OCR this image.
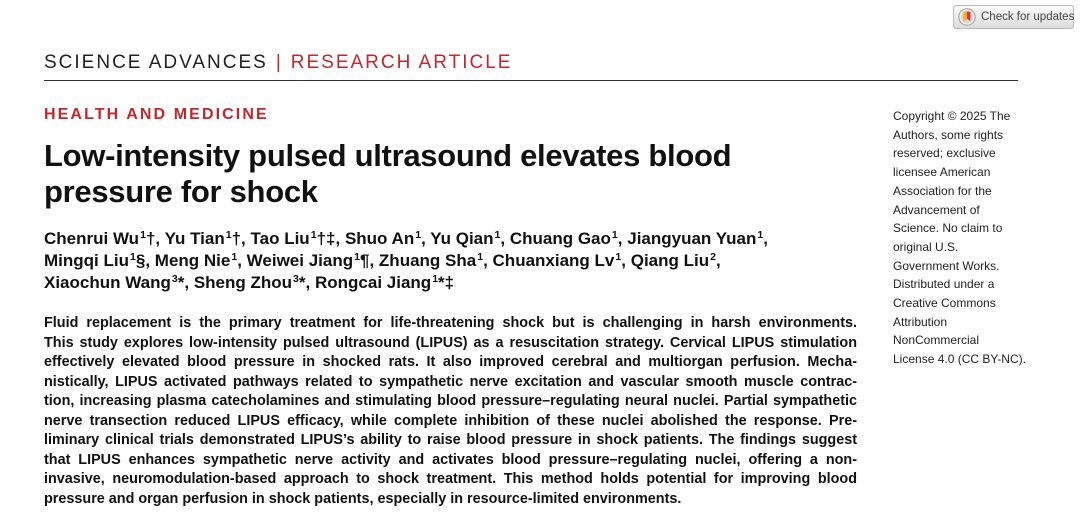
Check for updates
SCIENCE ADVANCES | RESEARCH ARTICLE
HEALTH AND MEDICINE
Low-intensity pulsed ultrasound elevates blood
pressure for shock
Chenrui Wu$^1$†, Yu Tian$^1$†, Tao Liu$^1$†‡, Shuo An$^1$, Yu Qian$^1$, Chuang Gao$^1$, Jiangyuan Yuan$^1$,
Mingqi Liu$^1$§, Meng Nie$^1$, Weiwei Jiang$^1$¶, Zhuang Sha$^1$, Chuanxiang Lv$^1$, Qiang Liu$^2$,
Xiaochun Wang$^3$*, Sheng Zhou$^3$*, Rongcai Jiang$^1$*‡
Fluid replacement is the primary treatment for life-threatening shock but is challenging in harsh environments.
This study explores low-intensity pulsed ultrasound (LIPUS) as a resuscitation strategy. Cervical LIPUS stimulation
effectively elevated blood pressure in shocked rats. It also improved cerebral and multiorgan perfusion. Mecha-
nistically, LIPUS activated pathways related to sympathetic nerve excitation and vascular smooth muscle contrac-
tion, increasing plasma catecholamines and stimulating blood pressure–regulating neural nuclei. Partial sympathetic
nerve transection reduced LIPUS efficacy, while complete inhibition of these nuclei abolished the response. Pre-
liminary clinical trials demonstrated LIPUS’s ability to raise blood pressure in shock patients. The findings suggest
that LIPUS enhances sympathetic nerve activity and activates blood pressure–regulating nuclei, offering a non-
invasive, neuromodulation-based approach to shock treatment. This method holds potential for improving blood
pressure and organ perfusion in shock patients, especially in resource-limited environments.
Copyright © 2025 The
Authors, some rights
reserved; exclusive
licensee American
Association for the
Advancement of
Science. No claim to
original U.S.
Government Works.
Distributed under a
Creative Commons
Attribution
NonCommercial
License 4.0 (CC BY-NC).
